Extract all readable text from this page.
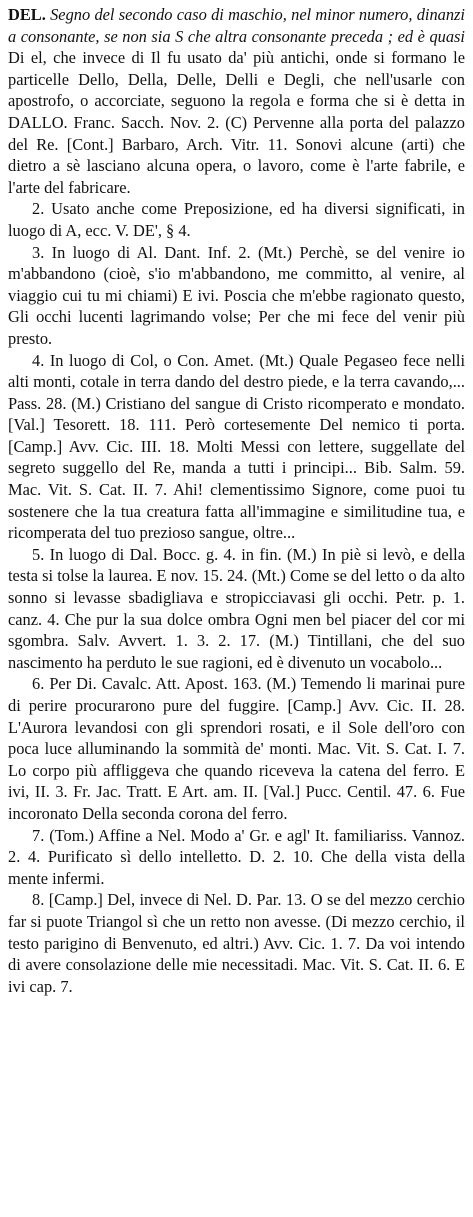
DEL. Segno del secondo caso di maschio, nel minor numero, dinanzi a consonante, se non sia S che altra consonante preceda ; ed è quasi Di el, che invece di Il fu usato da' più antichi, onde si formano le particelle Dello, Della, Delle, Delli e Degli, che nell'usarle con apostrofo, o accorciate, seguono la regola e forma che si è detta in DALLO. Franc. Sacch. Nov. 2. (C) Pervenne alla porta del palazzo del Re. [Cont.] Barbaro, Arch. Vitr. 11. Sonovi alcune (arti) che dietro a sè lasciano alcuna opera, o lavoro, come è l'arte fabrile, e l'arte del fabricare.

2. Usato anche come Preposizione, ed ha diversi significati, in luogo di A, ecc. V. DE', § 4.

3. In luogo di Al. Dant. Inf. 2. (Mt.) Perchè, se del venire io m'abbandono (cioè, s'io m'abbandono, me committo, al venire, al viaggio cui tu mi chiami) E ivi. Poscia che m'ebbe ragionato questo, Gli occhi lucenti lagrimando volse; Per che mi fece del venir più presto.

4. In luogo di Col, o Con. Amet. (Mt.) Quale Pegaseo fece nelli alti monti, cotale in terra dando del destro piede, e la terra cavando,... Pass. 28. (M.) Cristiano del sangue di Cristo ricomperato e mondato. [Val.] Tesorett. 18. 111. Però cortesemente Del nemico ti porta. [Camp.] Avv. Cic. III. 18. Molti Messi con lettere, suggellate del segreto suggello del Re, manda a tutti i principi... Bib. Salm. 59. Mac. Vit. S. Cat. II. 7. Ahi! clementissimo Signore, come puoi tu sostenere che la tua creatura fatta all'immagine e similitudine tua, e ricomperata del tuo prezioso sangue, oltre...

5. In luogo di Dal. Bocc. g. 4. in fin. (M.) In piè si levò, e della testa si tolse la laurea. E nov. 15. 24. (Mt.) Come se del letto o da alto sonno si levasse sbadigliava e stropicciavasi gli occhi. Petr. p. 1. canz. 4. Che pur la sua dolce ombra Ogni men bel piacer del cor mi sgombra. Salv. Avvert. 1. 3. 2. 17. (M.) Tintillani, che del suo nascimento ha perduto le sue ragioni, ed è divenuto un vocabolo...

6. Per Di. Cavalc. Att. Apost. 163. (M.) Temendo li marinai pure di perire procurarono pure del fuggire. [Camp.] Avv. Cic. II. 28. L'Aurora levandosi con gli sprendori rosati, e il Sole dell'oro con poca luce alluminando la sommità de' monti. Mac. Vit. S. Cat. I. 7. Lo corpo più affliggeva che quando riceveva la catena del ferro. E ivi, II. 3. Fr. Jac. Tratt. E Art. am. II. [Val.] Pucc. Centil. 47. 6. Fue incoronato Della seconda corona del ferro.

7. (Tom.) Affine a Nel. Modo a' Gr. e agl' It. familiariss. Vannoz. 2. 4. Purificato sì dello intelletto. D. 2. 10. Che della vista della mente infermi.

8. [Camp.] Del, invece di Nel. D. Par. 13. O se del mezzo cerchio far si puote Triangol sì che un retto non avesse. (Di mezzo cerchio, il testo parigino di Benvenuto, ed altri.) Avv. Cic. 1. 7. Da voi intendo di avere consolazione delle mie necessitadi. Mac. Vit. S. Cat. II. 6. E ivi cap. 7.
